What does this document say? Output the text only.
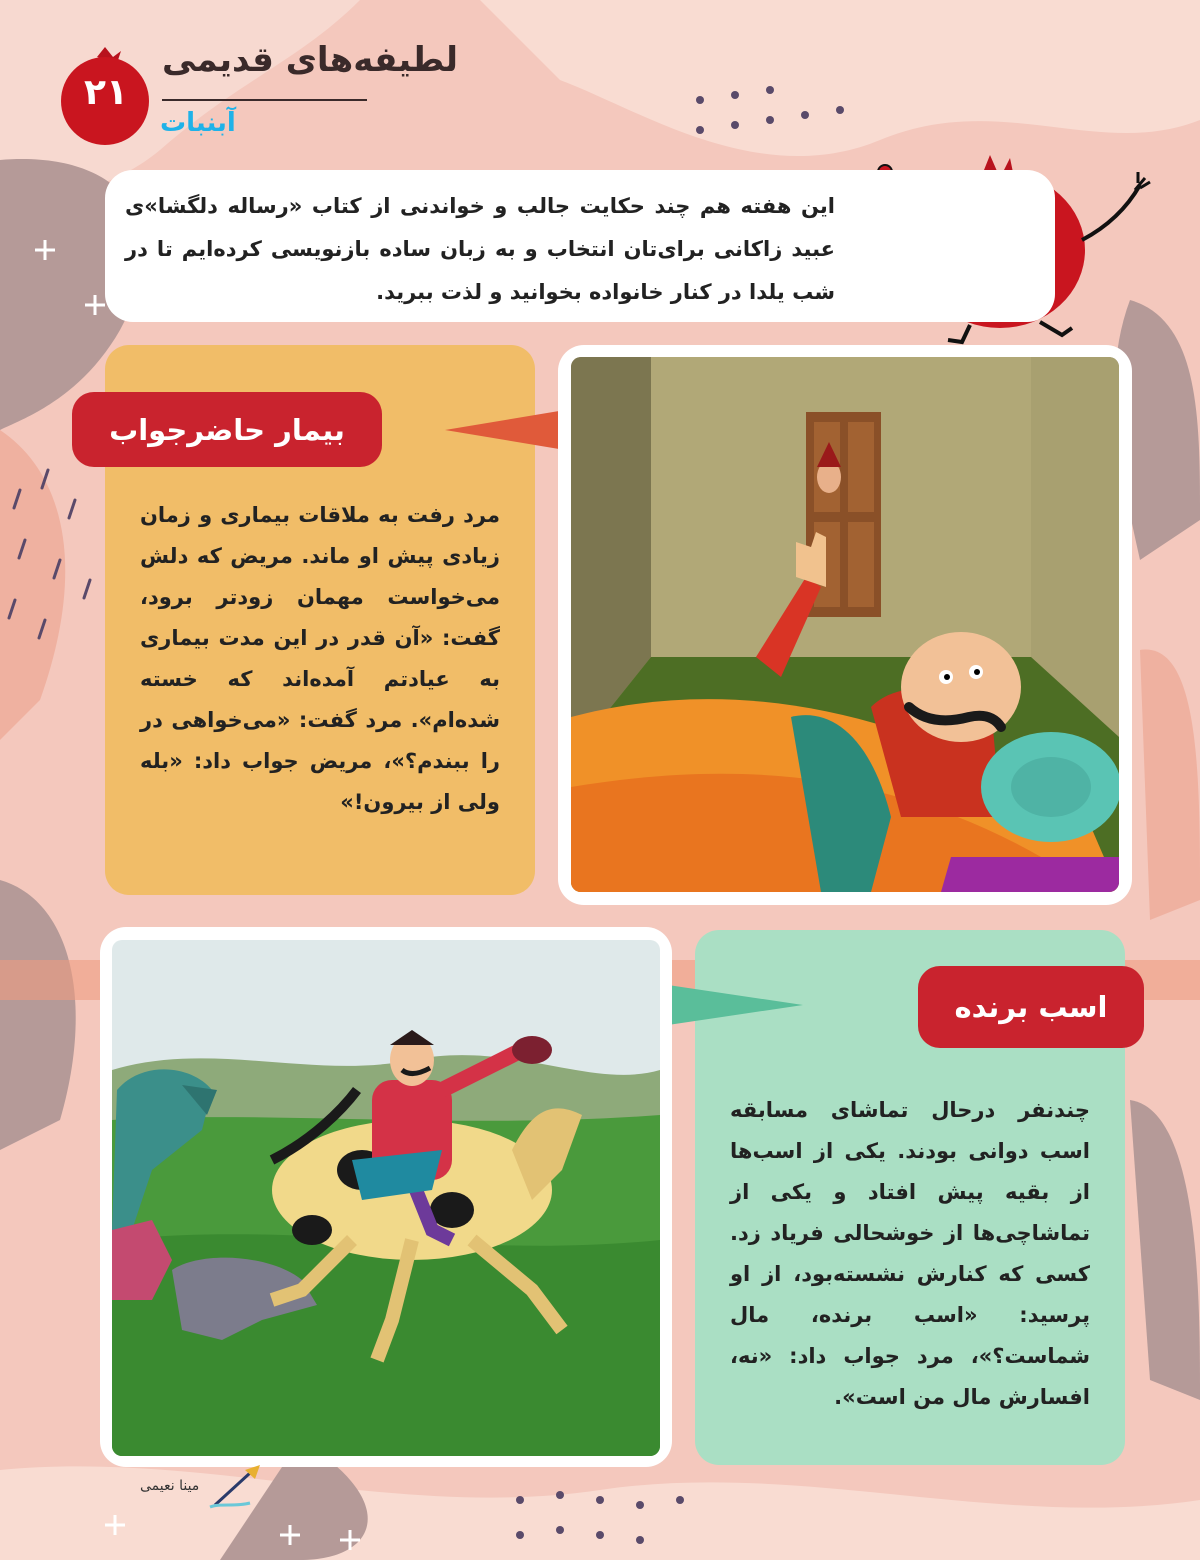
۲۱
لطیفه‌های قدیمی
آبنبات
این هفته هم چند حکایت جالب و خواندنی از کتاب «رساله دلگشا»ی عبید زاکانی برای‌تان انتخاب و به زبان ساده بازنویسی کرده‌ایم تا در شب یلدا در کنار خانواده بخوانید و لذت ببرید.
بیمار حاضرجواب
مرد رفت به ملاقات بیماری و زمان زیادی پیش او ماند. مریض که دلش می‌خواست مهمان زودتر برود، گفت: «آن قدر در این مدت بیماری به عیادتم آمده‌اند که خسته شده‌ام». مرد گفت: «می‌خواهی در را ببندم؟»، مریض جواب داد: «بله ولی از بیرون!»
اسب برنده
چندنفر درحال تماشای مسابقه اسب دوانی بودند. یکی از اسب‌ها از بقیه پیش افتاد و یکی از تماشاچی‌ها از خوشحالی فریاد زد. کسی که کنارش نشسته‌بود، از او پرسید: «اسب برنده، مال شماست؟»، مرد جواب داد: «نه، افسارش مال من است».
مینا نعیمی
